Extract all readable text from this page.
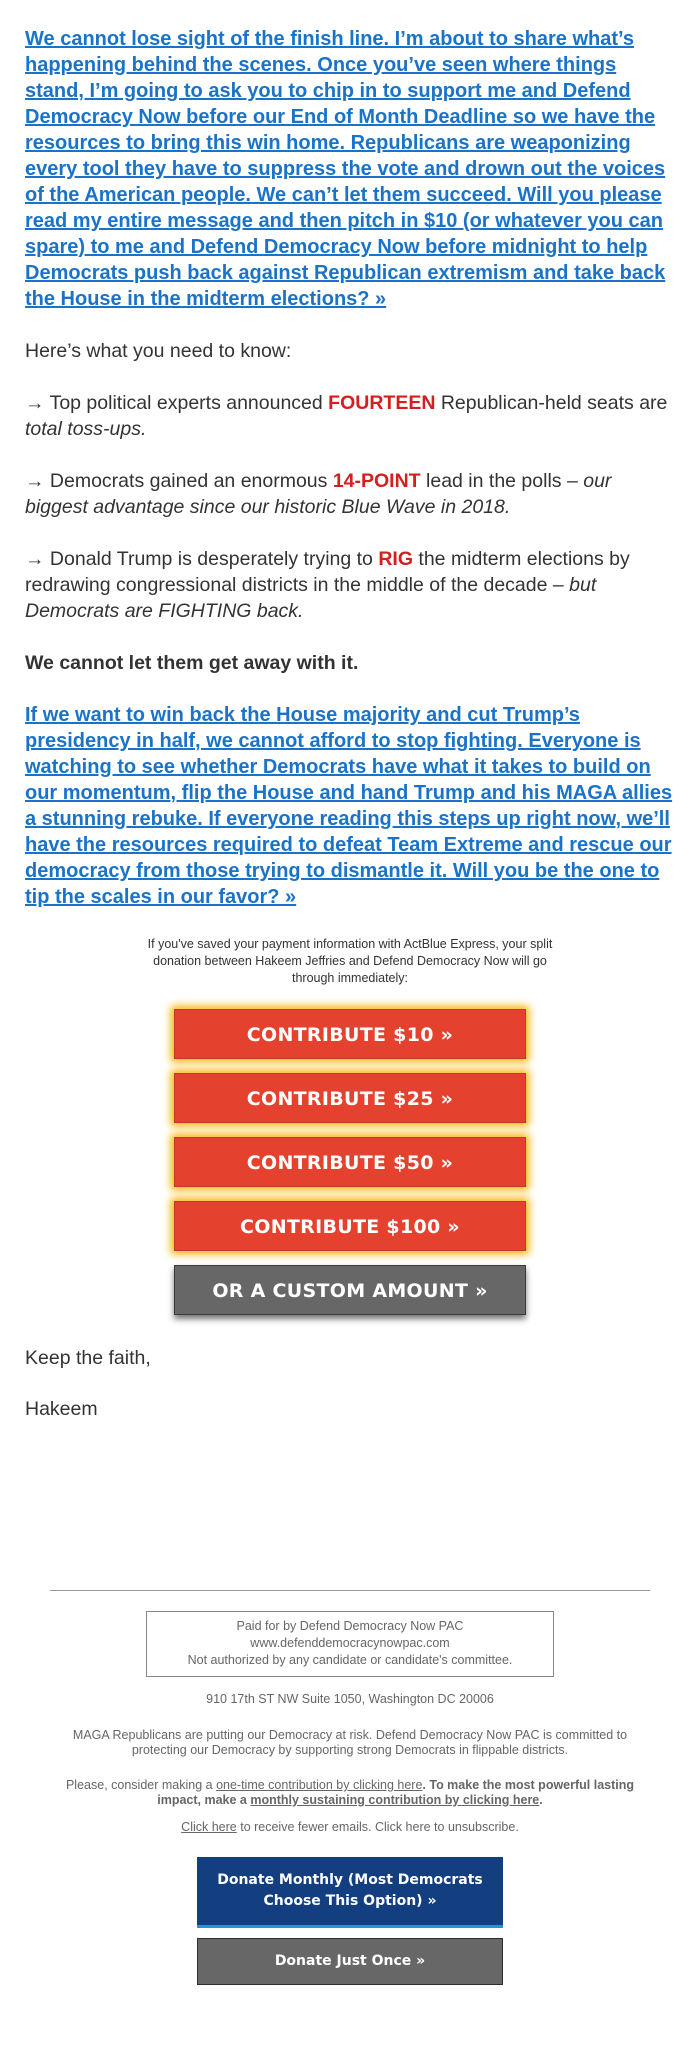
We cannot lose sight of the finish line. I’m about to share what’s happening behind the scenes. Once you’ve seen where things stand, I’m going to ask you to chip in to support me and Defend Democracy Now before our End of Month Deadline so we have the resources to bring this win home. Republicans are weaponizing every tool they have to suppress the vote and drown out the voices of the American people. We can’t let them succeed. Will you please read my entire message and then pitch in $10 (or whatever you can spare) to me and Defend Democracy Now before midnight to help Democrats push back against Republican extremism and take back the House in the midterm elections? »

Here’s what you need to know:

→ Top political experts announced FOURTEEN Republican-held seats are total toss-ups.

→ Democrats gained an enormous 14-POINT lead in the polls – our biggest advantage since our historic Blue Wave in 2018.

→ Donald Trump is desperately trying to RIG the midterm elections by redrawing congressional districts in the middle of the decade – but Democrats are FIGHTING back.

We cannot let them get away with it.

If we want to win back the House majority and cut Trump’s presidency in half, we cannot afford to stop fighting. Everyone is watching to see whether Democrats have what it takes to build on our momentum, flip the House and hand Trump and his MAGA allies a stunning rebuke. If everyone reading this steps up right now, we’ll have the resources required to defeat Team Extreme and rescue our democracy from those trying to dismantle it. Will you be the one to tip the scales in our favor? »

If you've saved your payment information with ActBlue Express, your split donation between Hakeem Jeffries and Defend Democracy Now will go through immediately:

CONTRIBUTE $10 »
CONTRIBUTE $25 »
CONTRIBUTE $50 »
CONTRIBUTE $100 »
OR A CUSTOM AMOUNT »

Keep the faith,

Hakeem

Paid for by Defend Democracy Now PAC
www.defenddemocracynowpac.com
Not authorized by any candidate or candidate's committee.
910 17th ST NW Suite 1050, Washington DC 20006

MAGA Republicans are putting our Democracy at risk. Defend Democracy Now PAC is committed to protecting our Democracy by supporting strong Democrats in flippable districts.

Please, consider making a one-time contribution by clicking here. To make the most powerful lasting impact, make a monthly sustaining contribution by clicking here.

Click here to receive fewer emails. Click here to unsubscribe.

Donate Monthly (Most Democrats Choose This Option) »
Donate Just Once »
